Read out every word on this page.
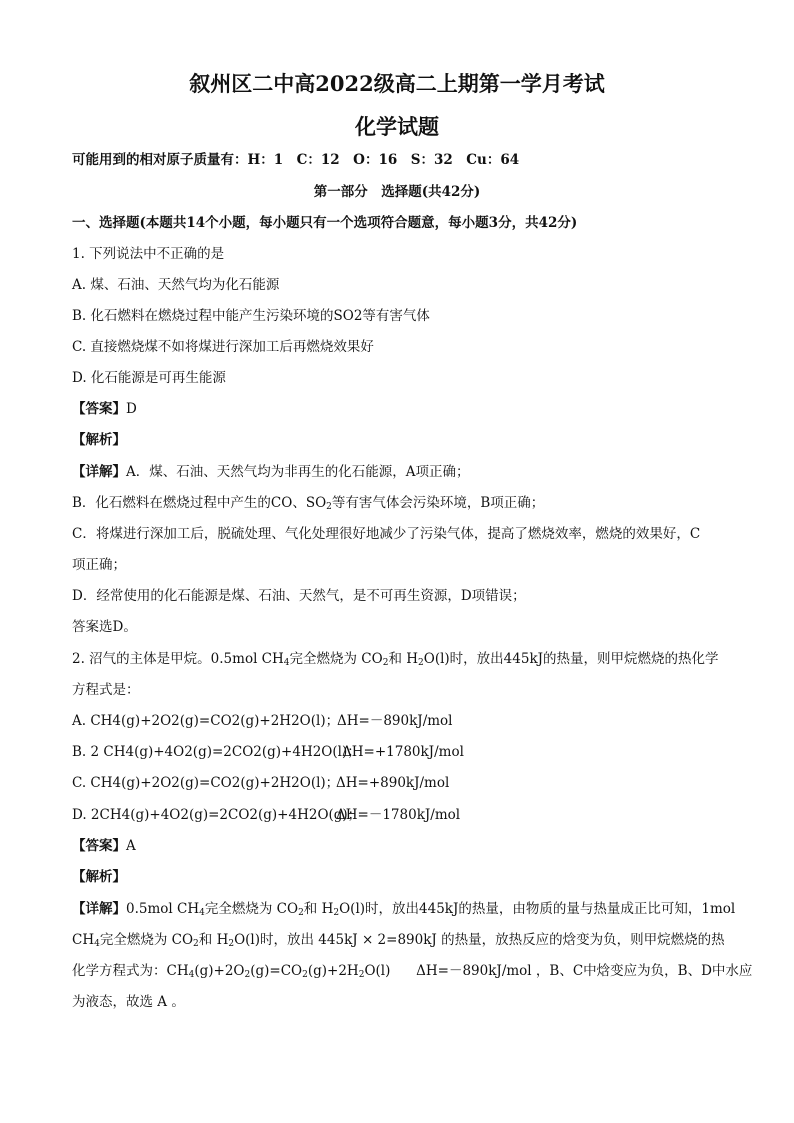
叙州区二中高2022级高二上期第一学月考试
化学试题
可能用到的相对原子质量有：H：1　C：12　O：16　S：32　Cu：64
第一部分　选择题(共42分)
一、选择题(本题共14个小题，每小题只有一个选项符合题意，每小题3分，共42分)
1. 下列说法中不正确的是
A. 煤、石油、天然气均为化石能源
B. 化石燃料在燃烧过程中能产生污染环境的SO2等有害气体
C. 直接燃烧煤不如将煤进行深加工后再燃烧效果好
D. 化石能源是可再生能源
【答案】D
【解析】
【详解】A．煤、石油、天然气均为非再生的化石能源，A项正确；
B．化石燃料在燃烧过程中产生的CO、$SO_2$等有害气体会污染环境，B项正确；
C．将煤进行深加工后，脱硫处理、气化处理很好地减少了污染气体，提高了燃烧效率，燃烧的效果好，C
项正确；
D．经常使用的化石能源是煤、石油、天然气，是不可再生资源，D项错误；
答案选D。
2. 沼气的主体是甲烷。0.5mol $CH_4$完全燃烧为 $CO_2$和 $H_2O(l)$时，放出445kJ的热量，则甲烷燃烧的热化学
方程式是：
A. CH4(g)+2O2(g)=CO2(g)+2H2O(l)；
ΔH=－890kJ/mol
B. 2 CH4(g)+4O2(g)=2CO2(g)+4H2O(l)；
ΔH=+1780kJ/mol
C. CH4(g)+2O2(g)=CO2(g)+2H2O(l)；
ΔH=+890kJ/mol
D. 2CH4(g)+4O2(g)=2CO2(g)+4H2O(g)；
ΔH=－1780kJ/mol
【答案】A
【解析】
【详解】0.5mol $CH_4$完全燃烧为 $CO_2$和 $H_2O(l)$时，放出445kJ的热量，由物质的量与热量成正比可知，1mol
$CH_4$完全燃烧为 $CO_2$和 $H_2O(l)$时，放出 445kJ × 2=890kJ 的热量，放热反应的焓变为负，则甲烷燃烧的热
化学方程式为：$CH_4(g)+2O_2(g)=CO_2(g)+2H_2O(l)$ ΔH=－890kJ/mol ，B、C中焓变应为负，B、D中水应
为液态，故选 A 。
